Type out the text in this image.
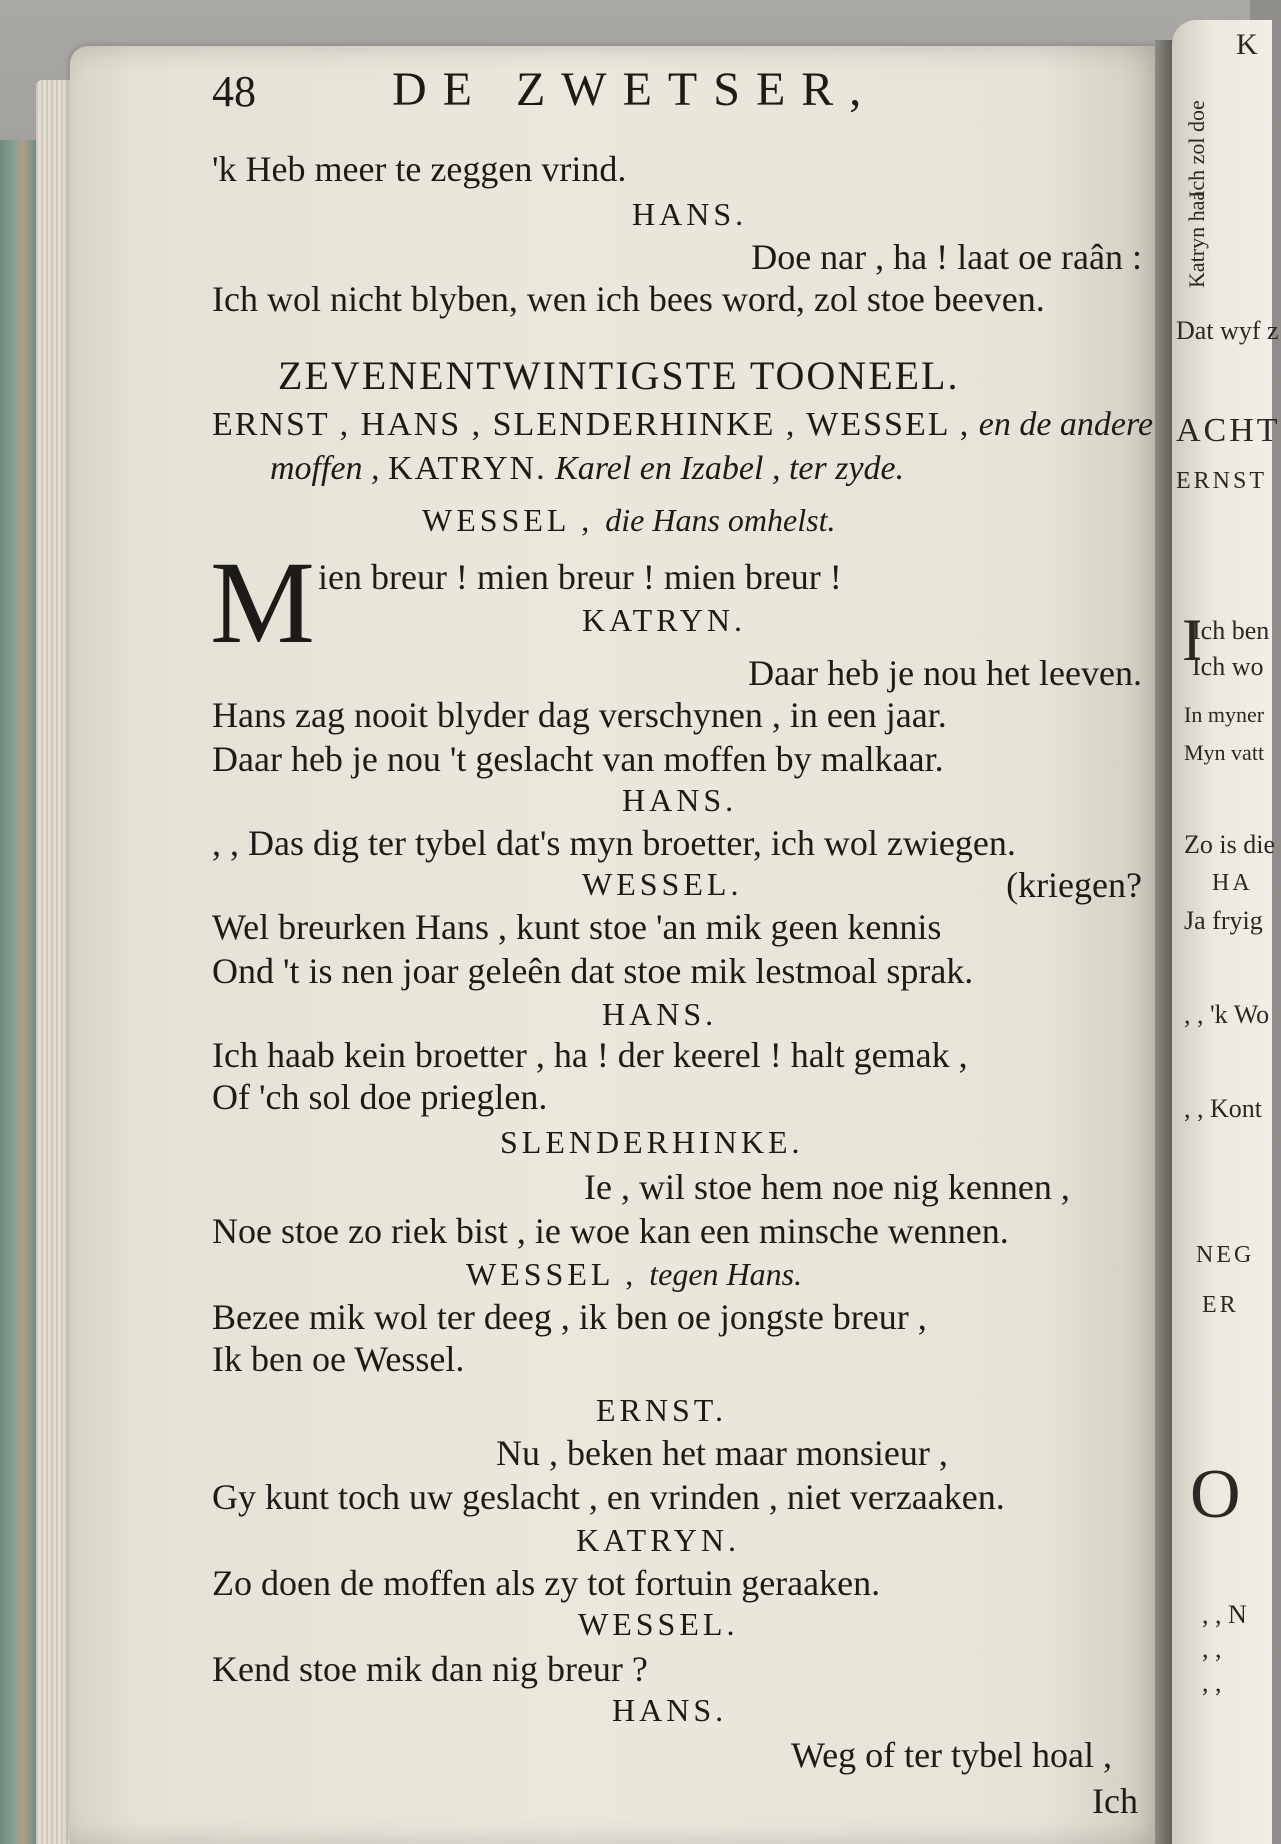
K
Ich zol doe
Katryn haa
Dat wyf z
ACHT
ERNST
I
Ich ben
Ich wo
In myner
Myn vatt
Zo is die
HA
Ja fryig
, , 'k Wo
, , Kont
NEG
ER
O
, , N
, ,
, ,
48	DE ZWETSER,
'k Heb meer te zeggen vrind.
HANS.
Doe nar , ha ! laat oe raân :
Ich wol nicht blyben, wen ich bees word, zol stoe beeven.
ZEVENENTWINTIGSTE TOONEEL.
ERNST , HANS , SLENDERHINKE , WESSEL , en de andere
moffen , KATRYN. Karel en Izabel , ter zyde.
WESSEL , die Hans omhelst.
M ien breur ! mien breur ! mien breur !
KATRYN.
Daar heb je nou het leeven.
Hans zag nooit blyder dag verschynen , in een jaar.
Daar heb je nou 't geslacht van moffen by malkaar.
HANS.
, , Das dig ter tybel dat's myn broetter, ich wol zwiegen.
WESSEL.	(kriegen?
Wel breurken Hans , kunt stoe 'an mik geen kennis
Ond 't is nen joar geleên dat stoe mik lestmoal sprak.
HANS.
Ich haab kein broetter , ha ! der keerel ! halt gemak ,
Of 'ch sol doe prieglen.
SLENDERHINKE.
Ie , wil stoe hem noe nig kennen ,
Noe stoe zo riek bist , ie woe kan een minsche wennen.
WESSEL , tegen Hans.
Bezee mik wol ter deeg , ik ben oe jongste breur ,
Ik ben oe Wessel.
ERNST.
Nu , beken het maar monsieur ,
Gy kunt toch uw geslacht , en vrinden , niet verzaaken.
KATRYN.
Zo doen de moffen als zy tot fortuin geraaken.
WESSEL.
Kend stoe mik dan nig breur ?
HANS.
Weg of ter tybel hoal ,
Ich
